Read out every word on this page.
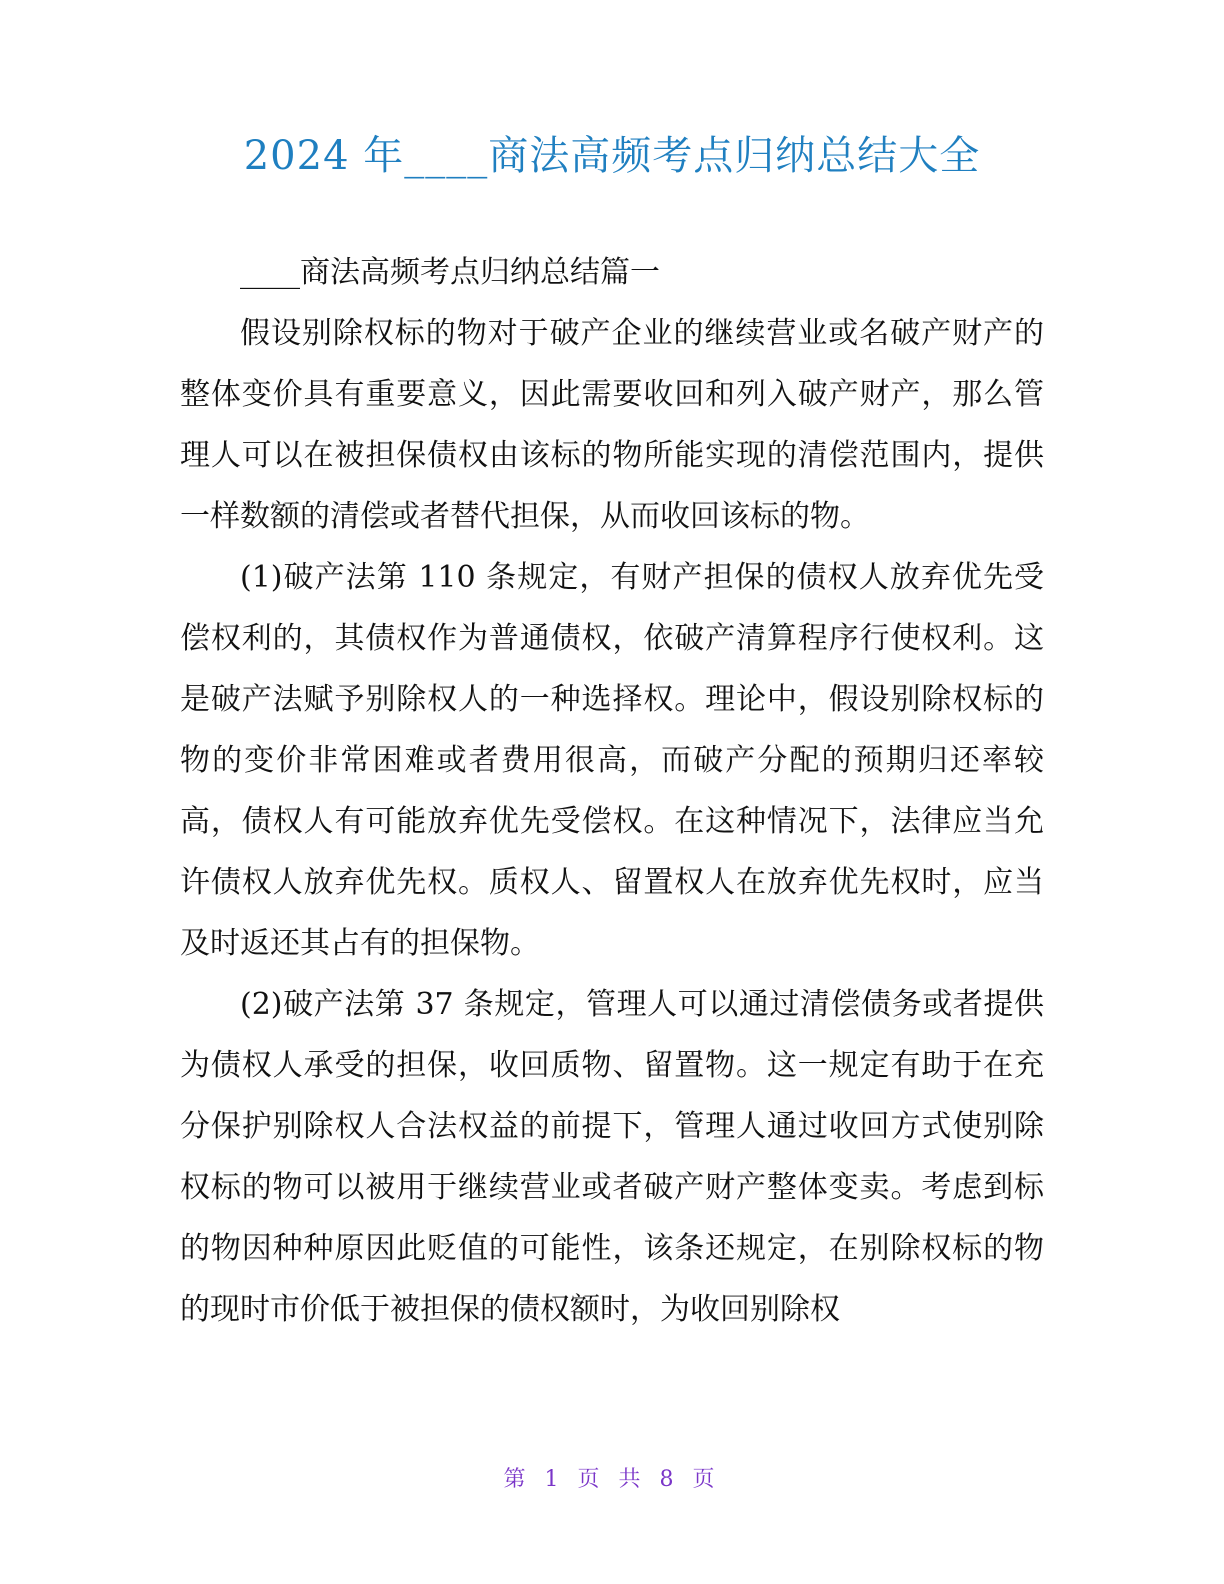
2024 年____商法高频考点归纳总结大全

____商法高频考点归纳总结篇一

假设别除权标的物对于破产企业的继续营业或名破产财产的整体变价具有重要意义，因此需要收回和列入破产财产，那么管理人可以在被担保债权由该标的物所能实现的清偿范围内，提供一样数额的清偿或者替代担保，从而收回该标的物。

(1)破产法第 110 条规定，有财产担保的债权人放弃优先受偿权利的，其债权作为普通债权，依破产清算程序行使权利。这是破产法赋予别除权人的一种选择权。理论中，假设别除权标的物的变价非常困难或者费用很高，而破产分配的预期归还率较高，债权人有可能放弃优先受偿权。在这种情况下，法律应当允许债权人放弃优先权。质权人、留置权人在放弃优先权时，应当及时返还其占有的担保物。

(2)破产法第 37 条规定，管理人可以通过清偿债务或者提供为债权人承受的担保，收回质物、留置物。这一规定有助于在充分保护别除权人合法权益的前提下，管理人通过收回方式使别除权标的物可以被用于继续营业或者破产财产整体变卖。考虑到标的物因种种原因此贬值的可能性，该条还规定，在别除权标的物的现时市价低于被担保的债权额时，为收回别除权

第 1 页 共 8 页
